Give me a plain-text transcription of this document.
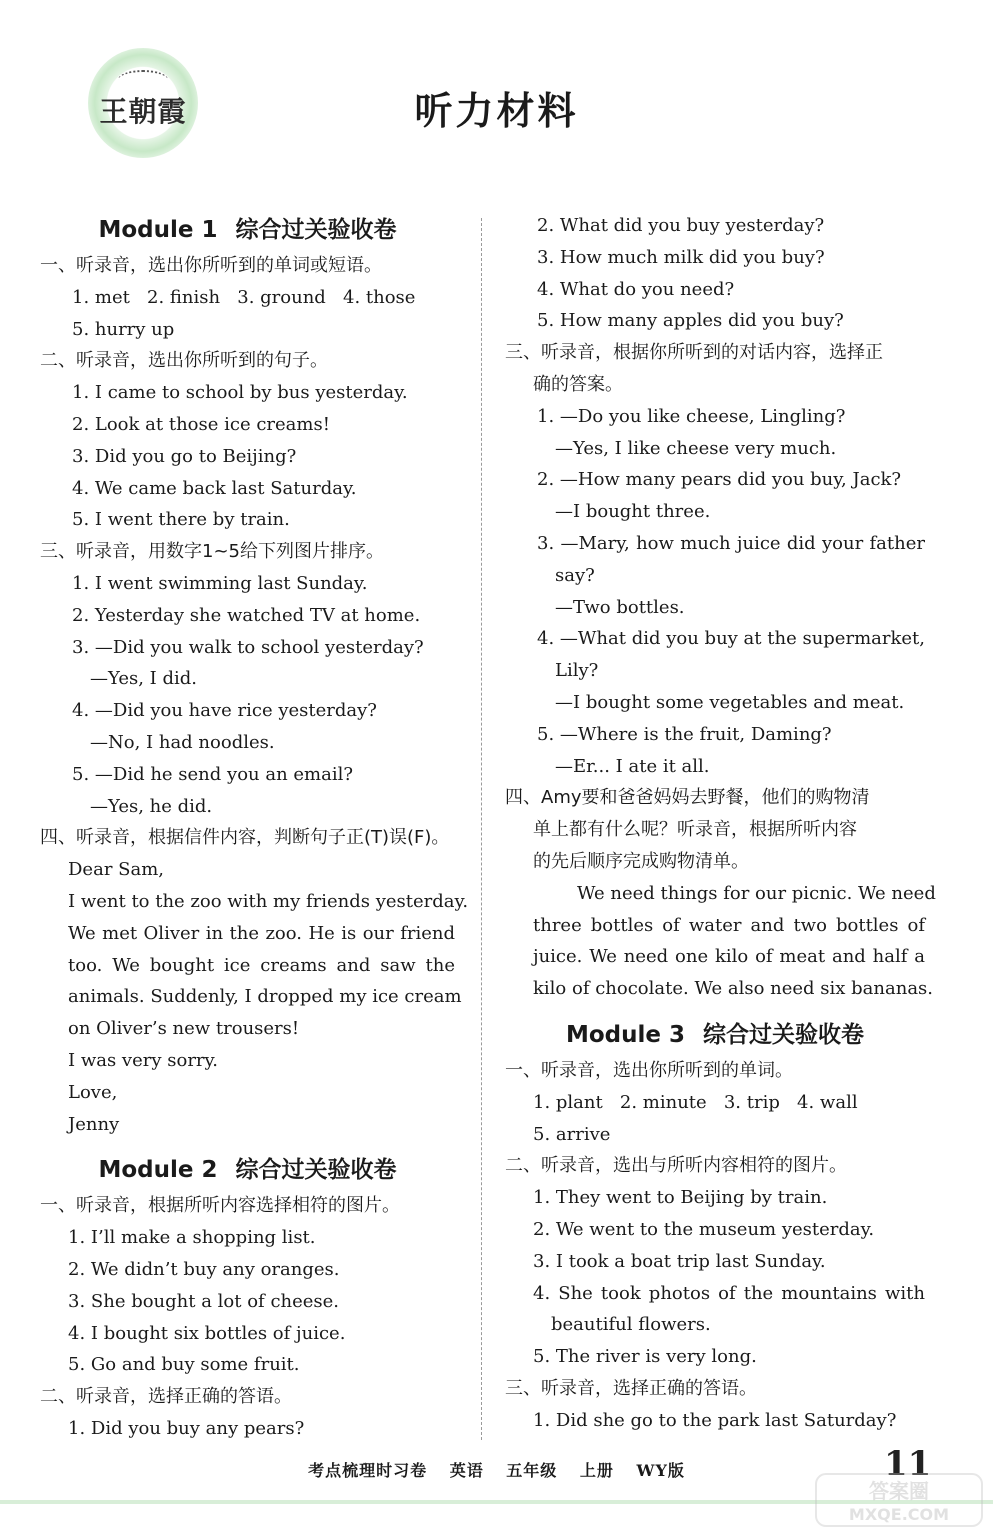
王朝霞	听力材料
Module 1 综合过关验收卷
一、听录音，选出你所听到的单词或短语。
1. met   2. finish   3. ground   4. those
5. hurry up
二、听录音，选出你所听到的句子。
1. I came to school by bus yesterday.
2. Look at those ice creams!
3. Did you go to Beijing?
4. We came back last Saturday.
5. I went there by train.
三、听录音，用数字1~5给下列图片排序。
1. I went swimming last Sunday.
2. Yesterday she watched TV at home.
3. —Did you walk to school yesterday?
—Yes, I did.
4. —Did you have rice yesterday?
—No, I had noodles.
5. —Did he send you an email?
—Yes, he did.
四、听录音，根据信件内容，判断句子正(T)误(F)。
Dear Sam,
I went to the zoo with my friends yesterday.
We met Oliver in the zoo. He is our friend
too. We bought ice creams and saw the
animals. Suddenly, I dropped my ice cream
on Oliver’s new trousers!
I was very sorry.
Love,
Jenny
Module 2 综合过关验收卷
一、听录音，根据所听内容选择相符的图片。
1. I’ll make a shopping list.
2. We didn’t buy any oranges.
3. She bought a lot of cheese.
4. I bought six bottles of juice.
5. Go and buy some fruit.
二、听录音，选择正确的答语。
1. Did you buy any pears?
2. What did you buy yesterday?
3. How much milk did you buy?
4. What do you need?
5. How many apples did you buy?
三、听录音，根据你所听到的对话内容，选择正
确的答案。
1. —Do you like cheese, Lingling?
—Yes, I like cheese very much.
2. —How many pears did you buy, Jack?
—I bought three.
3. —Mary, how much juice did your father
say?
—Two bottles.
4. —What did you buy at the supermarket,
Lily?
—I bought some vegetables and meat.
5. —Where is the fruit, Daming?
—Er... I ate it all.
四、Amy要和爸爸妈妈去野餐，他们的购物清
单上都有什么呢？听录音，根据所听内容
的先后顺序完成购物清单。
We need things for our picnic. We need
three bottles of water and two bottles of
juice. We need one kilo of meat and half a
kilo of chocolate. We also need six bananas.
Module 3 综合过关验收卷
一、听录音，选出你所听到的单词。
1. plant   2. minute   3. trip   4. wall
5. arrive
二、听录音，选出与所听内容相符的图片。
1. They went to Beijing by train.
2. We went to the museum yesterday.
3. I took a boat trip last Sunday.
4. She took photos of the mountains with
beautiful flowers.
5. The river is very long.
三、听录音，选择正确的答语。
1. Did she go to the park last Saturday?
考点梳理时习卷 英语 五年级 上册 WY版	11
答案圈
MXQE.COM
